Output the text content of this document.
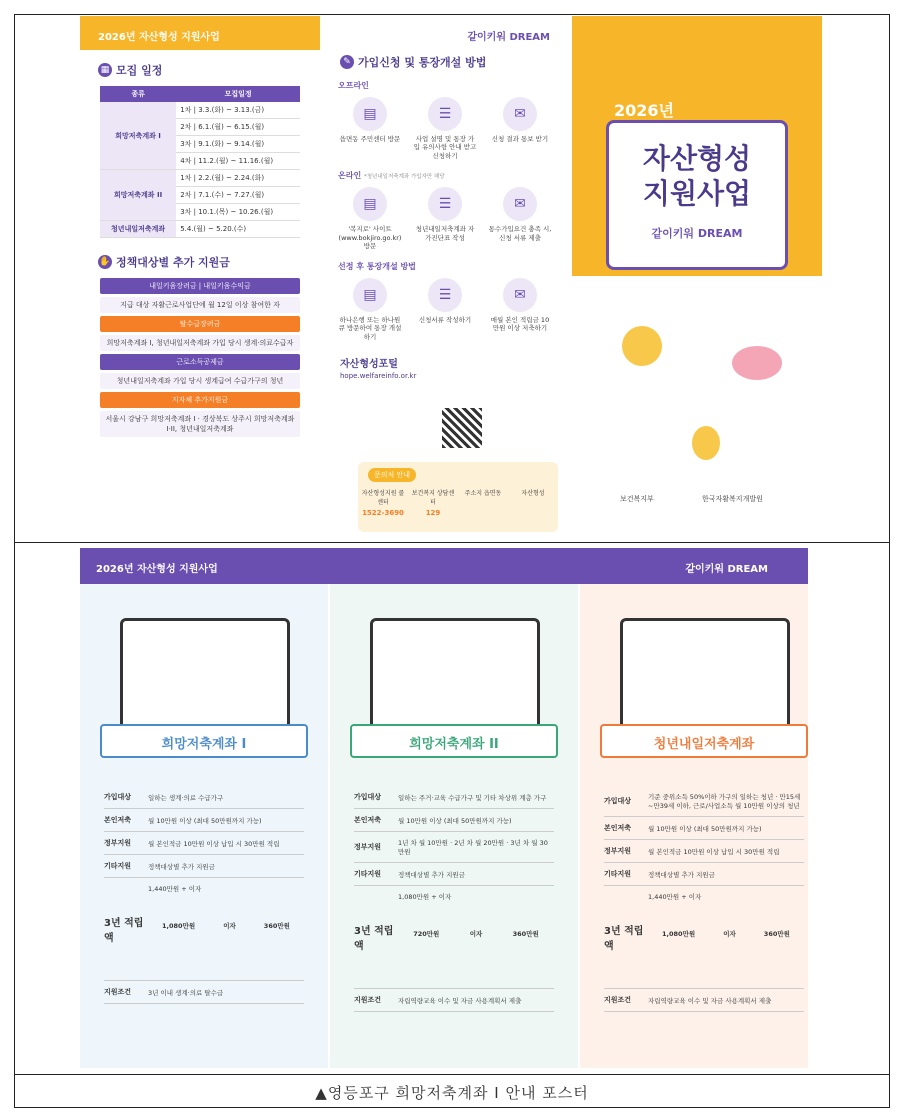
2026년 자산형성 지원사업
▦ 모집 일정
종류	모집일정
희망저축계좌 I	1차 | 3.3.(화) ~ 3.13.(금)
	2차 | 6.1.(월) ~ 6.15.(월)
	3차 | 9.1.(화) ~ 9.14.(월)
	4차 | 11.2.(월) ~ 11.16.(월)
희망저축계좌 II	1차 | 2.2.(월) ~ 2.24.(화)
	2차 | 7.1.(수) ~ 7.27.(월)
	3차 | 10.1.(목) ~ 10.26.(월)
청년내일저축계좌	5.4.(월) ~ 5.20.(수)
✋ 정책대상별 추가 지원금
내일키움장려금 | 내일키움수익금
지급 대상 자활근로사업단에 월 12일 이상 참여한 자
탈수급장려금
희망저축계좌 I, 청년내일저축계좌 가입 당시 생계·의료수급자
근로소득공제금
청년내일저축계좌 가입 당시 생계급여 수급가구의 청년
지자체 추가지원금
서울시 강남구 희망저축계좌 I · 경상북도 상주시 희망저축계좌 I·II, 청년내일저축계좌
같이키워 DREAM
✎ 가입신청 및 통장개설 방법
오프라인
▤
읍면동 주민센터 방문
☰
사업 설명 및 통장 가입 유의사항 안내 받고 신청하기
✉
신청 결과 통보 받기
온라인 *청년내일저축계좌 가입자만 해당
▤
'복지로' 사이트 (www.bokjiro.go.kr) 방문
☰
청년내일저축계좌 자가진단표 작성
✉
통수가입요건 충족 시, 신청 서류 제출
선정 후 통장개설 방법
▤
하나은행 또는 하나원큐 방문하여 통장 개설하기
☰
신청서류 작성하기
✉
매월 본인 적립금 10만원 이상 저축하기
자산형성포털
hope.welfareinfo.or.kr
문의처 안내
자산형성지원 콜센터
1522-3690
보건복지 상담센터
129
주소지 읍면동	자산형성
2026년
자산형성
지원사업
같이키워 DREAM
보건복지부	한국자활복지개발원
희망저축계좌 I
가입대상	일하는 생계·의료 수급가구
본인저축	월 10만원 이상 (최대 50만원까지 가능)
정부지원	월 본인적금 10만원 이상 납입 시 30만원 적립
기타지원	정책대상별 추가 지원금
3년 적립액
1,440만원 + 이자
1,080만원	이자	360만원
지원조건	3년 이내 생계·의료 탈수급
희망저축계좌 II
가입대상	일하는 주거·교육 수급가구 및 기타 차상위 계층 가구
본인저축	월 10만원 이상 (최대 50만원까지 가능)
정부지원	1년 차 월 10만원 · 2년 차 월 20만원 · 3년 차 월 30만원
기타지원	정책대상별 추가 지원금
3년 적립액
1,080만원 + 이자
720만원	이자	360만원
지원조건	자립역량교육 이수 및 자금 사용계획서 제출
청년내일저축계좌
가입대상	기준 중위소득 50%이하 가구의 일하는 청년 · 만15세~만39세 이하, 근로/사업소득 월 10만원 이상의 청년
본인저축	월 10만원 이상 (최대 50만원까지 가능)
정부지원	월 본인적금 10만원 이상 납입 시 30만원 적립
기타지원	정책대상별 추가 지원금
3년 적립액
1,440만원 + 이자
1,080만원	이자	360만원
지원조건	자립역량교육 이수 및 자금 사용계획서 제출
2026년 자산형성 지원사업	같이키워 DREAM
▲영등포구 희망저축계좌 Ⅰ 안내 포스터
